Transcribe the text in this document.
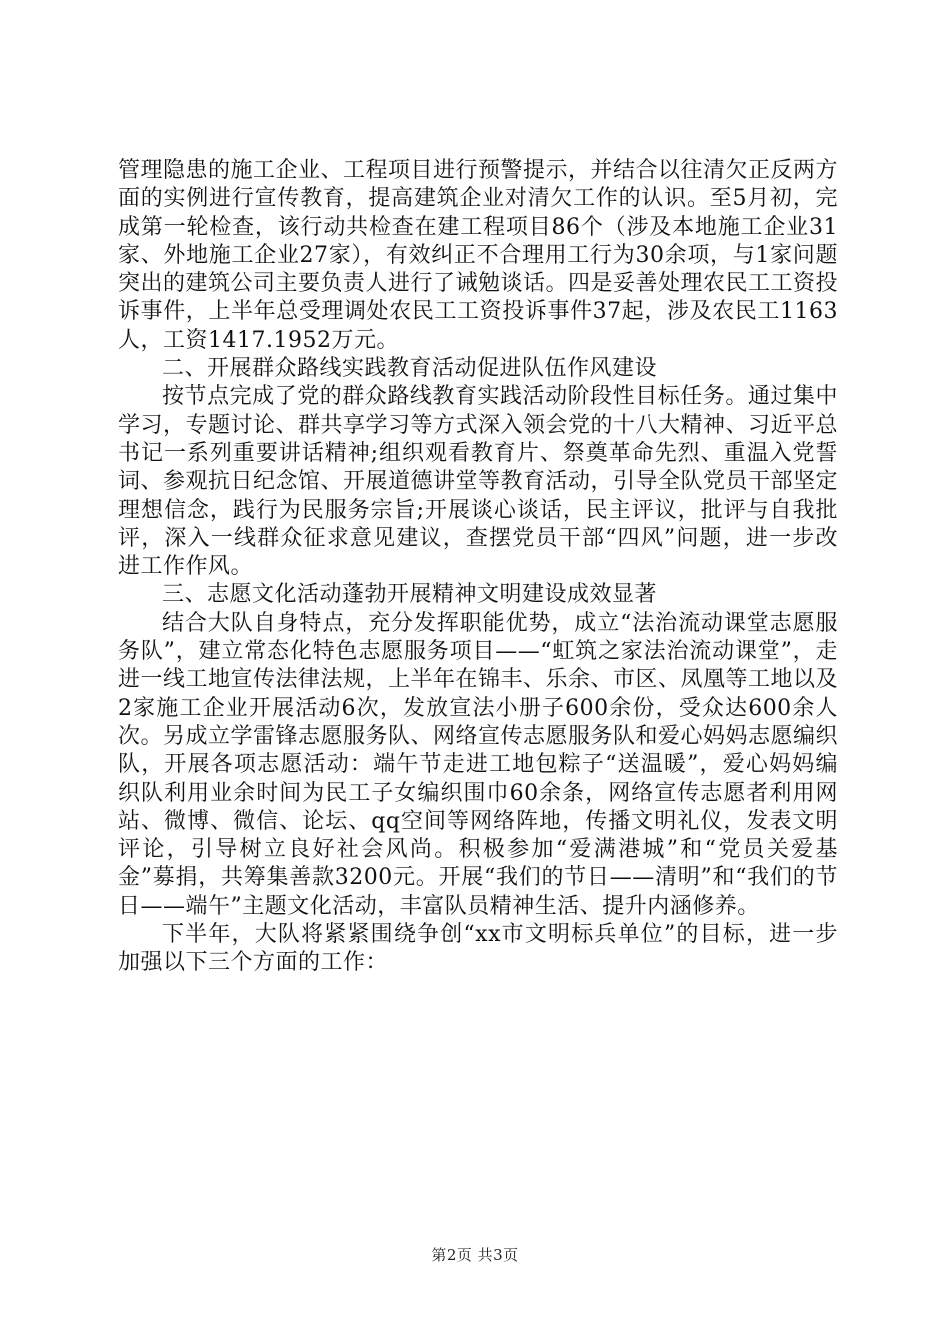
管理隐患的施工企业、工程项目进行预警提示，并结合以往清欠正反两方面的实例进行宣传教育，提高建筑企业对清欠工作的认识。至5月初，完成第一轮检查，该行动共检查在建工程项目86个（涉及本地施工企业31家、外地施工企业27家），有效纠正不合理用工行为30余项，与1家问题突出的建筑公司主要负责人进行了诫勉谈话。四是妥善处理农民工工资投诉事件，上半年总受理调处农民工工资投诉事件37起，涉及农民工1163人，工资1417.1952万元。

二、开展群众路线实践教育活动促进队伍作风建设

按节点完成了党的群众路线教育实践活动阶段性目标任务。通过集中学习，专题讨论、群共享学习等方式深入领会党的十八大精神、习近平总书记一系列重要讲话精神;组织观看教育片、祭奠革命先烈、重温入党誓词、参观抗日纪念馆、开展道德讲堂等教育活动，引导全队党员干部坚定理想信念，践行为民服务宗旨;开展谈心谈话，民主评议，批评与自我批评，深入一线群众征求意见建议，查摆党员干部“四风”问题，进一步改进工作作风。

三、志愿文化活动蓬勃开展精神文明建设成效显著

结合大队自身特点，充分发挥职能优势，成立“法治流动课堂志愿服务队”，建立常态化特色志愿服务项目——“虹筑之家法治流动课堂”，走进一线工地宣传法律法规，上半年在锦丰、乐余、市区、凤凰等工地以及2家施工企业开展活动6次，发放宣法小册子600余份，受众达600余人次。另成立学雷锋志愿服务队、网络宣传志愿服务队和爱心妈妈志愿编织队，开展各项志愿活动：端午节走进工地包粽子“送温暖”，爱心妈妈编织队利用业余时间为民工子女编织围巾60余条，网络宣传志愿者利用网站、微博、微信、论坛、qq空间等网络阵地，传播文明礼仪，发表文明评论，引导树立良好社会风尚。积极参加“爱满港城”和“党员关爱基金”募捐，共筹集善款3200元。开展“我们的节日——清明”和“我们的节日——端午”主题文化活动，丰富队员精神生活、提升内涵修养。

下半年，大队将紧紧围绕争创“xx市文明标兵单位”的目标，进一步加强以下三个方面的工作：

第2页 共3页
